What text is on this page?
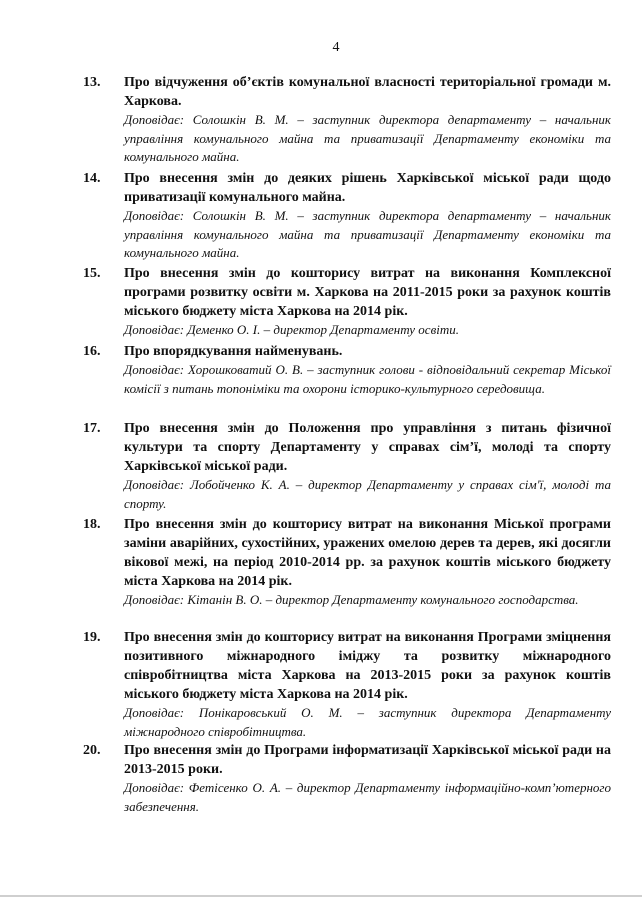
4
13. Про відчуження об’єктів комунальної власності територіальної громади м. Харкова.
Доповідає: Солошкін В. М. – заступник директора департаменту – начальник управління комунального майна та приватизації Департаменту економіки та комунального майна.
14. Про внесення змін до деяких рішень Харківської міської ради щодо приватизації комунального майна.
Доповідає: Солошкін В. М. – заступник директора департаменту – начальник управління комунального майна та приватизації Департаменту економіки та комунального майна.
15. Про внесення змін до кошторису витрат на виконання Комплексної програми розвитку освіти м. Харкова на 2011-2015 роки за рахунок коштів міського бюджету міста Харкова на 2014 рік.
Доповідає: Деменко О. І. – директор Департаменту освіти.
16. Про впорядкування найменувань.
Доповідає: Хорошковатий О. В. – заступник голови - відповідальний секретар Міської комісії з питань топоніміки та охорони історико-культурного середовища.
17. Про внесення змін до Положення про управління з питань фізичної культури та спорту Департаменту у справах сім’ї, молоді та спорту Харківської міської ради.
Доповідає: Лобойченко К. А. – директор Департаменту у справах сім'ї, молоді та спорту.
18. Про внесення змін до кошторису витрат на виконання Міської програми заміни аварійних, сухостійних, уражених омелою дерев та дерев, які досягли вікової межі, на період 2010-2014 рр. за рахунок коштів міського бюджету міста Харкова на 2014 рік.
Доповідає: Кітанін В. О. – директор Департаменту комунального господарства.
19. Про внесення змін до кошторису витрат на виконання Програми зміцнення позитивного міжнародного іміджу та розвитку міжнародного співробітництва міста Харкова на 2013-2015 роки за рахунок коштів міського бюджету міста Харкова на 2014 рік.
Доповідає: Понікаровський О. М. – заступник директора Департаменту міжнародного співробітництва.
20. Про внесення змін до Програми інформатизації Харківської міської ради на 2013-2015 роки.
Доповідає: Фетісенко О. А. – директор Департаменту інформаційно-комп’ютерного забезпечення.
